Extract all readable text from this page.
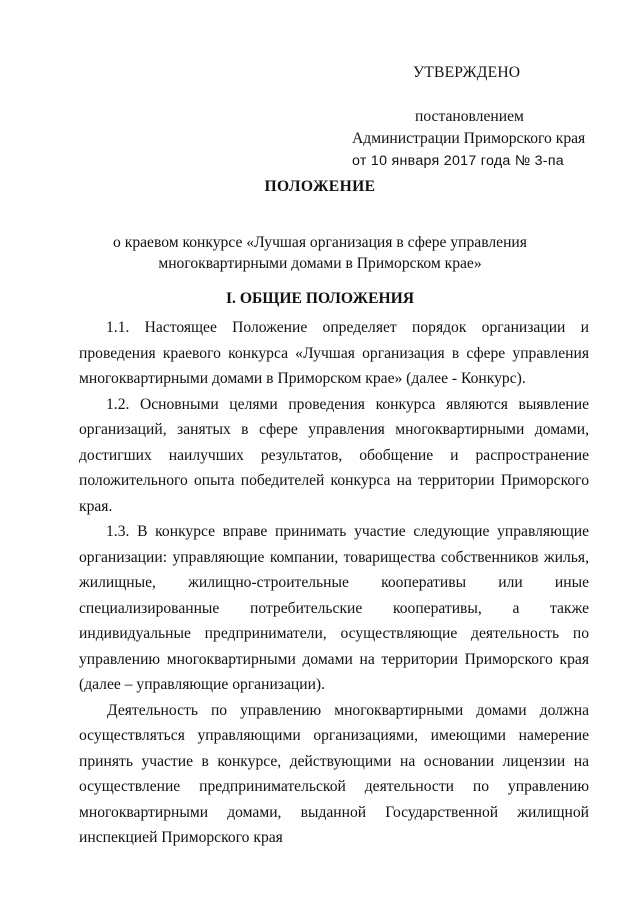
УТВЕРЖДЕНО
постановлением
Администрации Приморского края
от 10 января 2017 года № 3-па
ПОЛОЖЕНИЕ
о краевом конкурсе «Лучшая организация в сфере управления
многоквартирными домами в Приморском крае»
I. ОБЩИЕ ПОЛОЖЕНИЯ

1.1. Настоящее Положение определяет порядок организации и проведения краевого конкурса «Лучшая организация в сфере управления многоквартирными домами в Приморском крае» (далее - Конкурс).

1.2. Основными целями проведения конкурса являются выявление организаций, занятых в сфере управления многоквартирными домами, достигших наилучших результатов, обобщение и распространение положительного опыта победителей конкурса на территории Приморского края.

1.3. В конкурсе вправе принимать участие следующие управляющие организации: управляющие компании, товарищества собственников жилья, жилищные, жилищно-строительные кооперативы или иные специализированные потребительские кооперативы, а также индивидуальные предприниматели, осуществляющие деятельность по управлению многоквартирными домами на территории Приморского края (далее – управляющие организации).

Деятельность по управлению многоквартирными домами должна осуществляться управляющими организациями, имеющими намерение принять участие в конкурсе, действующими на основании лицензии на осуществление предпринимательской деятельности по управлению многоквартирными домами, выданной Государственной жилищной инспекцией Приморского края
